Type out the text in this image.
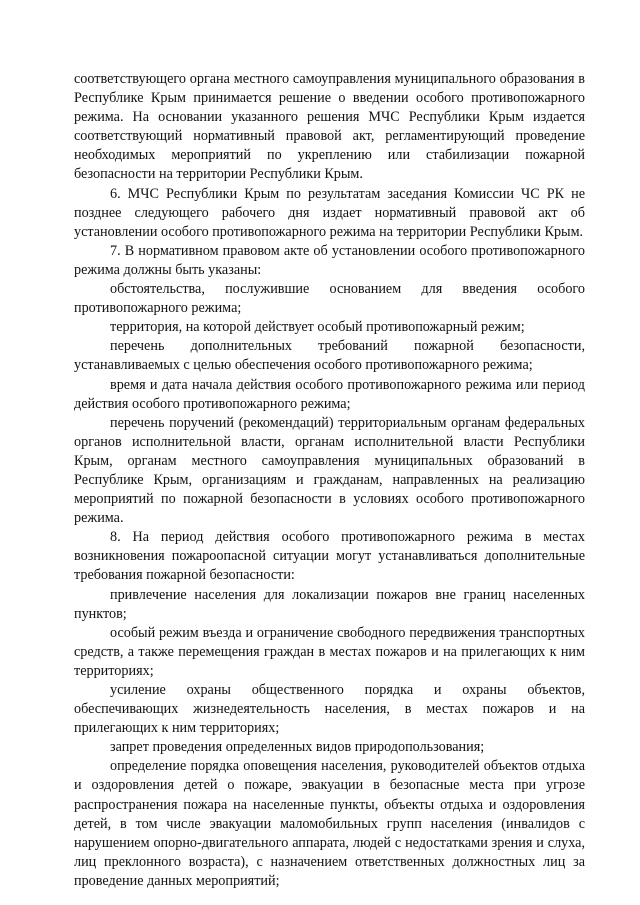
соответствующего органа местного самоуправления муниципального образования в Республике Крым принимается решение о введении особого противопожарного режима. На основании указанного решения МЧС Республики Крым издается соответствующий нормативный правовой акт, регламентирующий проведение необходимых мероприятий по укреплению или стабилизации пожарной безопасности на территории Республики Крым.

6. МЧС Республики Крым по результатам заседания Комиссии ЧС РК не позднее следующего рабочего дня издает нормативный правовой акт об установлении особого противопожарного режима на территории Республики Крым.

7. В нормативном правовом акте об установлении особого противопожарного режима должны быть указаны:

обстоятельства, послужившие основанием для введения особого противопожарного режима;

территория, на которой действует особый противопожарный режим;

перечень дополнительных требований пожарной безопасности, устанавливаемых с целью обеспечения особого противопожарного режима;

время и дата начала действия особого противопожарного режима или период действия особого противопожарного режима;

перечень поручений (рекомендаций) территориальным органам федеральных органов исполнительной власти, органам исполнительной власти Республики Крым, органам местного самоуправления муниципальных образований в Республике Крым, организациям и гражданам, направленных на реализацию мероприятий по пожарной безопасности в условиях особого противопожарного режима.

8. На период действия особого противопожарного режима в местах возникновения пожароопасной ситуации могут устанавливаться дополнительные требования пожарной безопасности:

привлечение населения для локализации пожаров вне границ населенных пунктов;

особый режим въезда и ограничение свободного передвижения транспортных средств, а также перемещения граждан в местах пожаров и на прилегающих к ним территориях;

усиление охраны общественного порядка и охраны объектов, обеспечивающих жизнедеятельность населения, в местах пожаров и на прилегающих к ним территориях;

запрет проведения определенных видов природопользования;

определение порядка оповещения населения, руководителей объектов отдыха и оздоровления детей о пожаре, эвакуации в безопасные места при угрозе распространения пожара на населенные пункты, объекты отдыха и оздоровления детей, в том числе эвакуации маломобильных групп населения (инвалидов с нарушением опорно-двигательного аппарата, людей с недостатками зрения и слуха, лиц преклонного возраста), с назначением ответственных должностных лиц за проведение данных мероприятий;
